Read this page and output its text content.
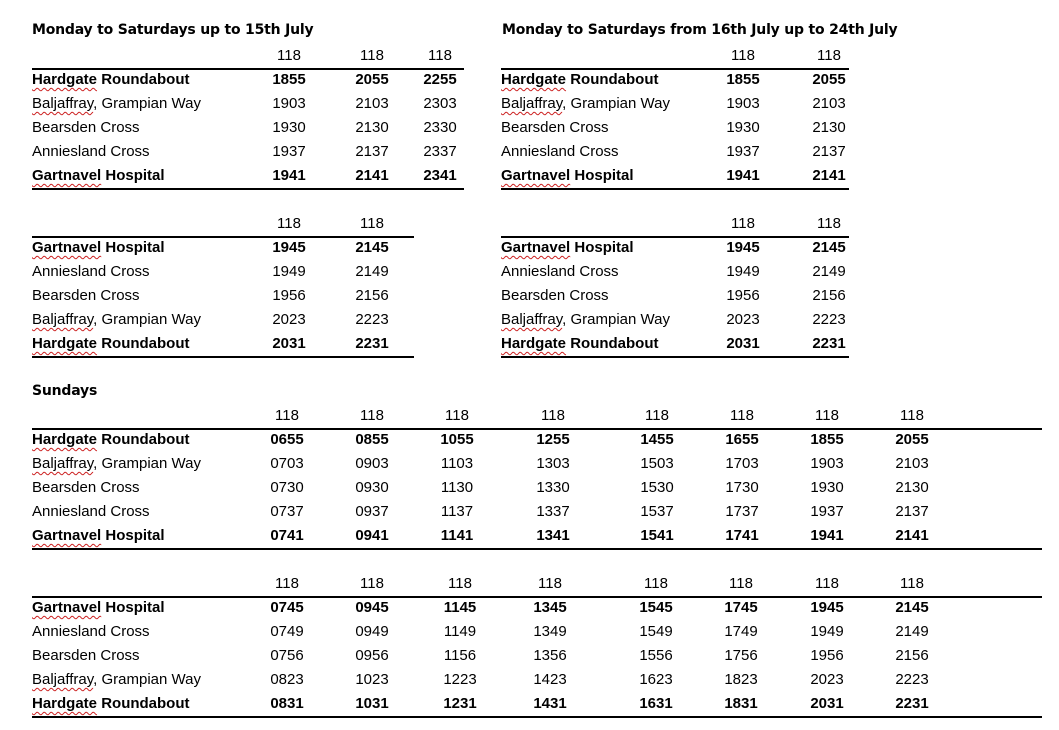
Monday to Saturdays up to 15th July	Monday to Saturdays from 16th July up to 24th July
Sundays
118	118	118
Hardgate Roundabout	1855	2055	2255
Baljaffray, Grampian Way	1903	2103	2303
Bearsden Cross	1930	2130	2330
Anniesland Cross	1937	2137	2337
Gartnavel Hospital	1941	2141	2341
118	118
Hardgate Roundabout	1855	2055
Baljaffray, Grampian Way	1903	2103
Bearsden Cross	1930	2130
Anniesland Cross	1937	2137
Gartnavel Hospital	1941	2141
118	118
Gartnavel Hospital	1945	2145
Anniesland Cross	1949	2149
Bearsden Cross	1956	2156
Baljaffray, Grampian Way	2023	2223
Hardgate Roundabout	2031	2231
118	118
Gartnavel Hospital	1945	2145
Anniesland Cross	1949	2149
Bearsden Cross	1956	2156
Baljaffray, Grampian Way	2023	2223
Hardgate Roundabout	2031	2231
118	118	118	118	118	118	118	118
Hardgate Roundabout	0655	0855	1055	1255	1455	1655	1855	2055
Baljaffray, Grampian Way	0703	0903	1103	1303	1503	1703	1903	2103
Bearsden Cross	0730	0930	1130	1330	1530	1730	1930	2130
Anniesland Cross	0737	0937	1137	1337	1537	1737	1937	2137
Gartnavel Hospital	0741	0941	1141	1341	1541	1741	1941	2141
118	118	118	118	118	118	118	118
Gartnavel Hospital	0745	0945	1145	1345	1545	1745	1945	2145
Anniesland Cross	0749	0949	1149	1349	1549	1749	1949	2149
Bearsden Cross	0756	0956	1156	1356	1556	1756	1956	2156
Baljaffray, Grampian Way	0823	1023	1223	1423	1623	1823	2023	2223
Hardgate Roundabout	0831	1031	1231	1431	1631	1831	2031	2231
